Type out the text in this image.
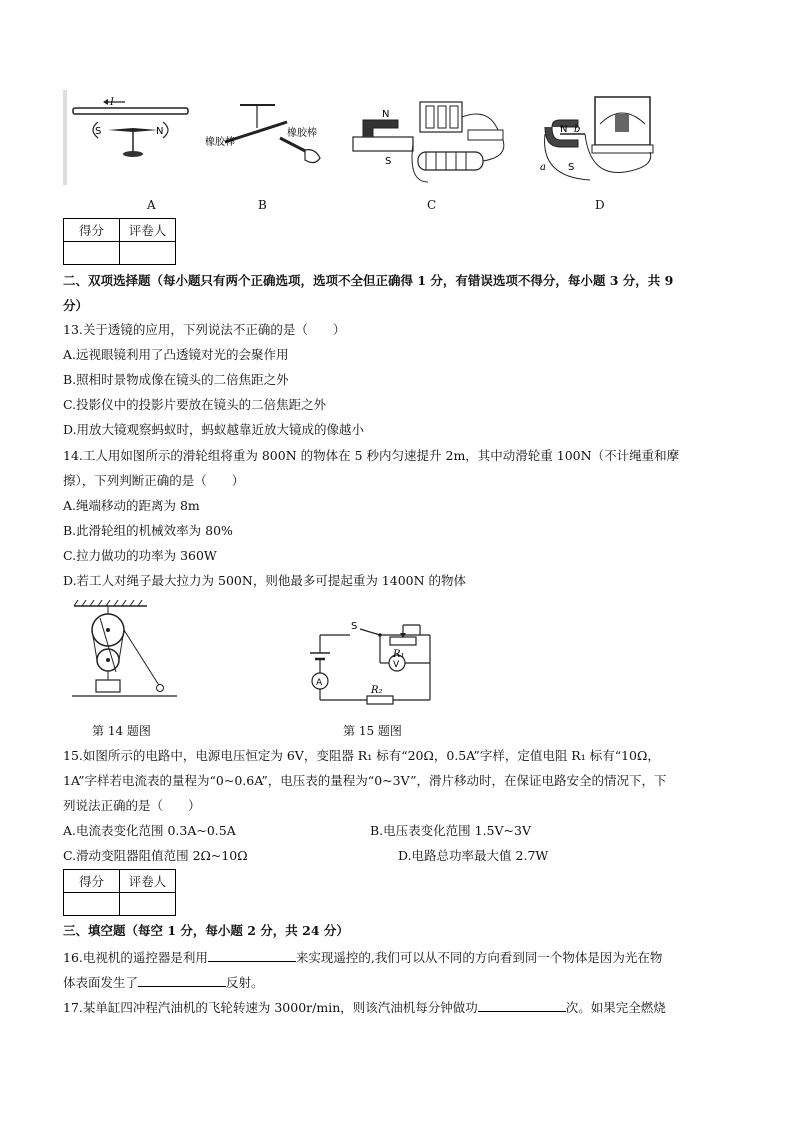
I
S	N
橡胶棒
橡胶棒
N
S
N
S
a
b
A	B	C	D
得分	评卷人

二、双项选择题（每小题只有两个正确选项，选项不全但正确得 1 分，有错误选项不得分，每小题 3 分，共 9
分）
13.关于透镜的应用，下列说法不正确的是（　　）
A.远视眼镜利用了凸透镜对光的会聚作用
B.照相时景物成像在镜头的二倍焦距之外
C.投影仪中的投影片要放在镜头的二倍焦距之外
D.用放大镜观察蚂蚁时，蚂蚁越靠近放大镜成的像越小
14.工人用如图所示的滑轮组将重为 800N 的物体在 5 秒内匀速提升 2m，其中动滑轮重 100N（不计绳重和摩
擦），下列判断正确的是（　　）
A.绳端移动的距离为 8m
B.此滑轮组的机械效率为 80%
C.拉力做功的功率为 360W
D.若工人对绳子最大拉力为 500N，则他最多可提起重为 1400N 的物体
第 14 题图
S
R₁
V
A
R₂
第 15 题图
15.如图所示的电路中，电源电压恒定为 6V，变阻器 R₁ 标有“20Ω，0.5A”字样，定值电阻 R₁ 标有“10Ω，
1A”字样若电流表的量程为“0~0.6A”，电压表的量程为“0~3V”，滑片移动时，在保证电路安全的情况下，下
列说法正确的是（　　）
A.电流表变化范围 0.3A~0.5A	B.电压表变化范围 1.5V~3V
C.滑动变阻器阻值范围 2Ω~10Ω	D.电路总功率最大值 2.7W
得分	评卷人

三、填空题（每空 1 分，每小题 2 分，共 24 分）
16.电视机的遥控器是利用	来实现遥控的,我们可以从不同的方向看到同一个物体是因为光在物
体表面发生了	反射。
17.某单缸四冲程汽油机的飞轮转速为 3000r/min，则该汽油机每分钟做功	次。如果完全燃烧
